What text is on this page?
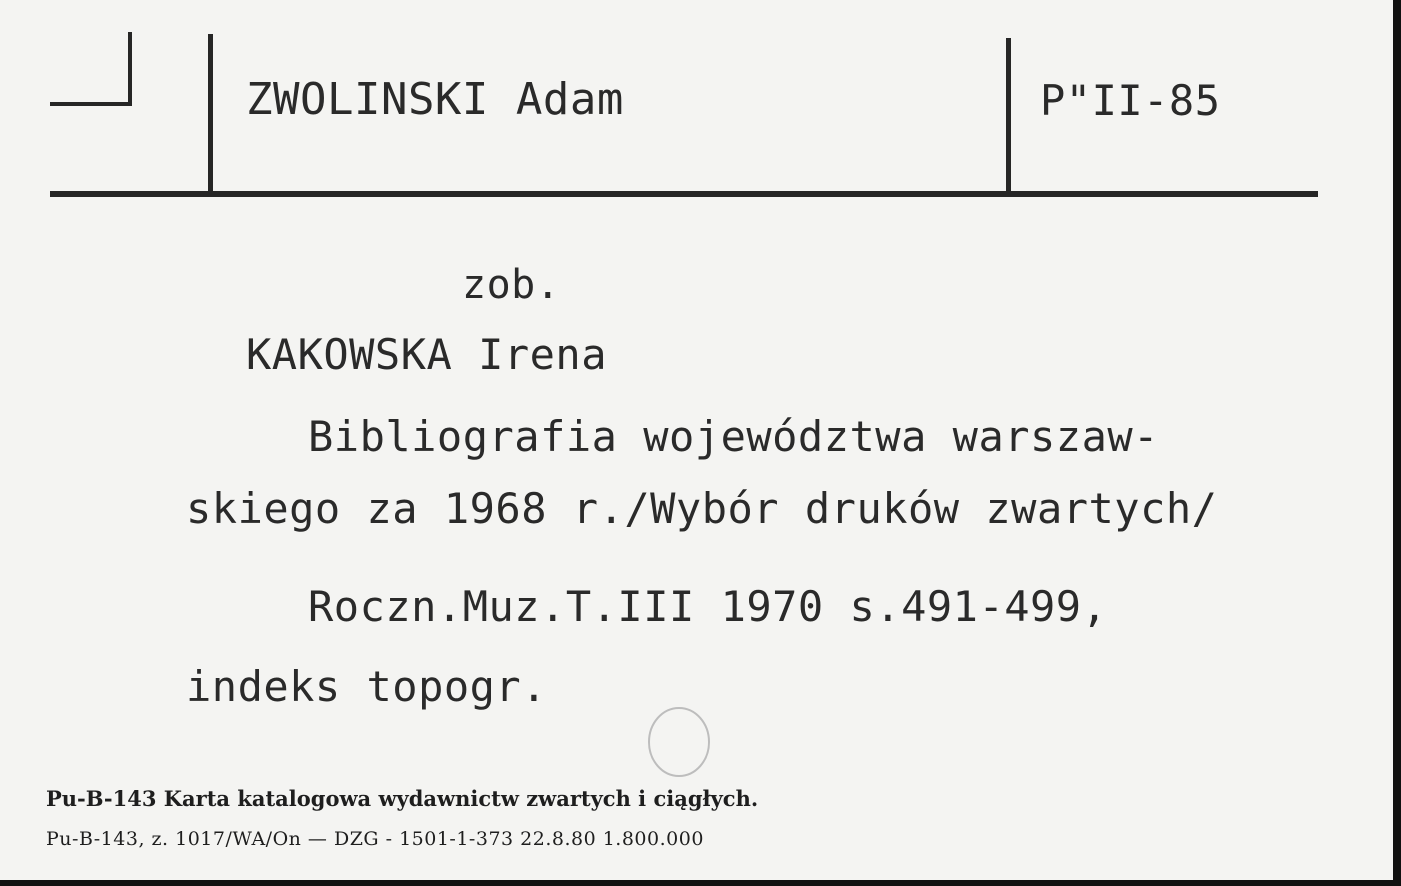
ZWOLINSKI Adam	P"II-85
zob.
KAKOWSKA Irena
Bibliografia województwa warszaw-
skiego za 1968 r./Wybór druków zwartych/
Roczn.Muz.T.III 1970 s.491-499,
indeks topogr.
Pu-B-143 Karta katalogowa wydawnictw zwartych i ciągłych.
Pu-B-143, z. 1017/WA/On — DZG - 1501-1-373 22.8.80 1.800.000
